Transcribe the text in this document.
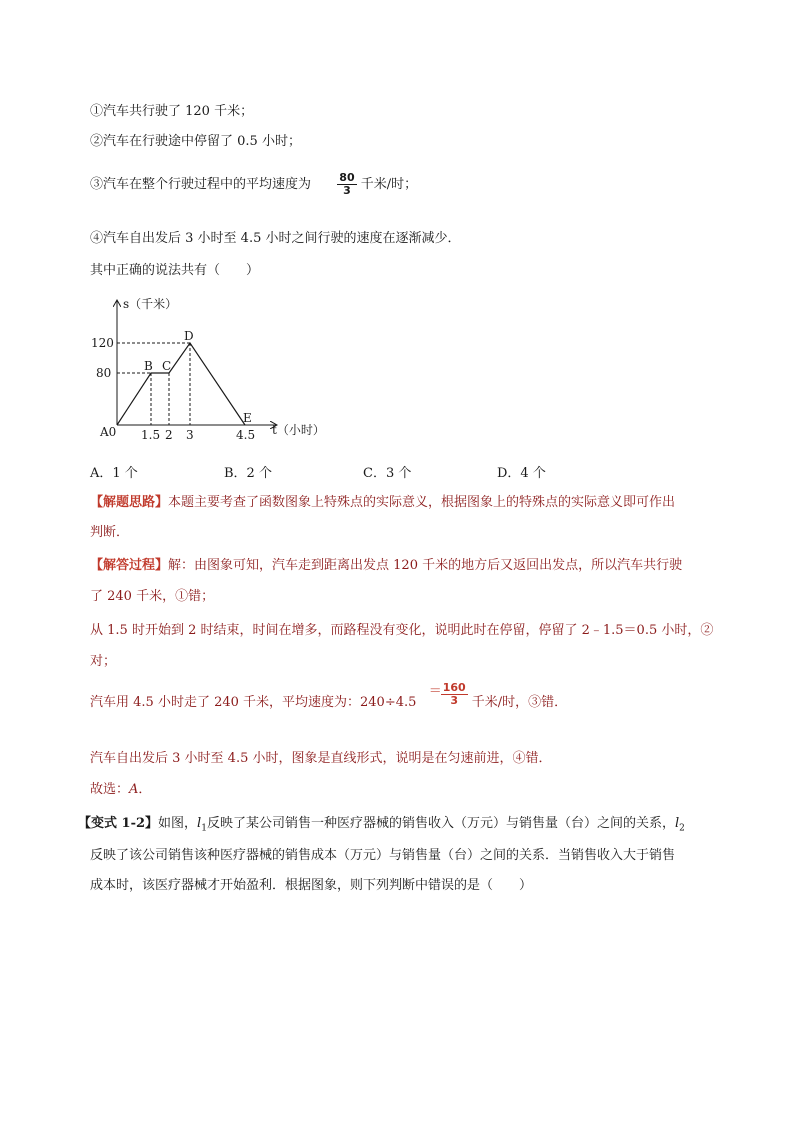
①汽车共行驶了 120 千米；
②汽车在行驶途中停留了 0.5 小时；
③汽车在整个行驶过程中的平均速度为 $\frac{80}{3}$ 千米/时；
④汽车自出发后 3 小时至 4.5 小时之间行驶的速度在逐渐减少．
其中正确的说法共有（　　）
s（千米）
t（小时）
120
80
A0 1.5 2 3	4.5
B C
D
E
A．1 个	B．2 个	C．3 个	D．4 个
【解题思路】本题主要考查了函数图象上特殊点的实际意义，根据图象上的特殊点的实际意义即可作出
判断．
【解答过程】解：由图象可知，汽车走到距离出发点 120 千米的地方后又返回出发点，所以汽车共行驶
了 240 千米，①错；
从 1.5 时开始到 2 时结束，时间在增多，而路程没有变化，说明此时在停留，停留了 2﹣1.5＝0.5 小时，②
对；
汽车用 4.5 小时走了 240 千米，平均速度为：240÷4.5
＝ 160
3	千米/时，③错．
汽车自出发后 3 小时至 4.5 小时，图象是直线形式，说明是在匀速前进，④错．
故选：A．
【变式 1-2】如图，$l_1$反映了某公司销售一种医疗器械的销售收入（万元）与销售量（台）之间的关系，$l_2$
反映了该公司销售该种医疗器械的销售成本（万元）与销售量（台）之间的关系．当销售收入大于销售
成本时，该医疗器械才开始盈利．根据图象，则下列判断中错误的是（　　）
